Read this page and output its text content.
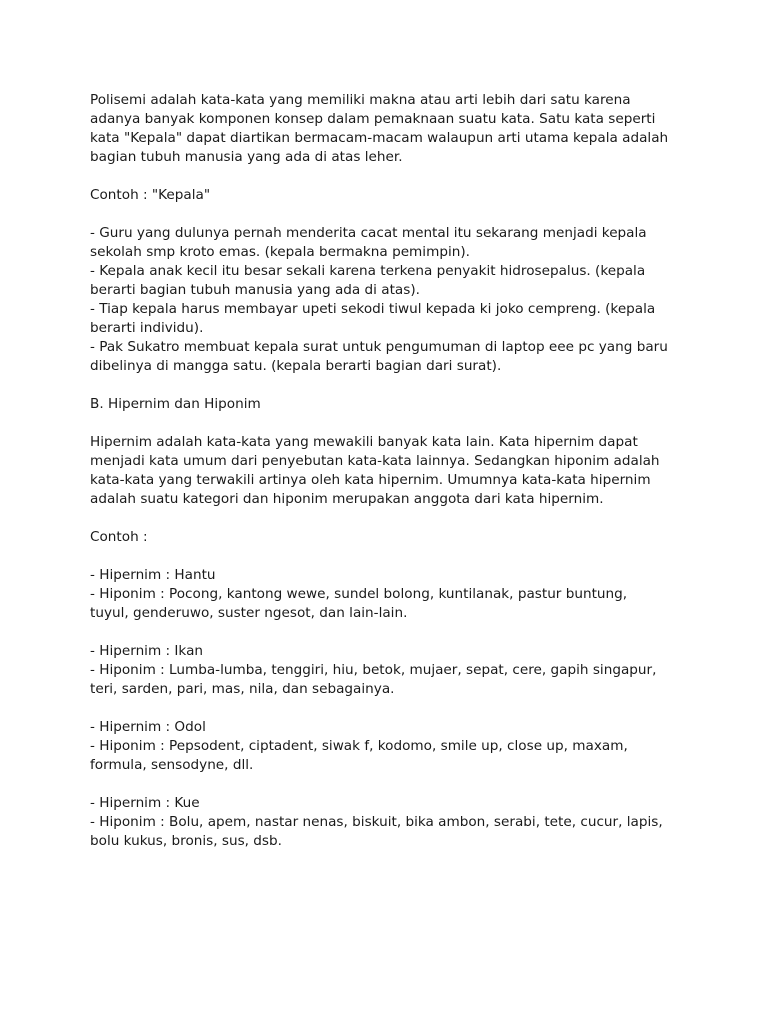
Polisemi adalah kata-kata yang memiliki makna atau arti lebih dari satu karena
adanya banyak komponen konsep dalam pemaknaan suatu kata. Satu kata seperti
kata "Kepala" dapat diartikan bermacam-macam walaupun arti utama kepala adalah
bagian tubuh manusia yang ada di atas leher.

Contoh : "Kepala"

- Guru yang dulunya pernah menderita cacat mental itu sekarang menjadi kepala
sekolah smp kroto emas. (kepala bermakna pemimpin).
- Kepala anak kecil itu besar sekali karena terkena penyakit hidrosepalus. (kepala
berarti bagian tubuh manusia yang ada di atas).
- Tiap kepala harus membayar upeti sekodi tiwul kepada ki joko cempreng. (kepala
berarti individu).
- Pak Sukatro membuat kepala surat untuk pengumuman di laptop eee pc yang baru
dibelinya di mangga satu. (kepala berarti bagian dari surat).

B. Hipernim dan Hiponim

Hipernim adalah kata-kata yang mewakili banyak kata lain. Kata hipernim dapat
menjadi kata umum dari penyebutan kata-kata lainnya. Sedangkan hiponim adalah
kata-kata yang terwakili artinya oleh kata hipernim. Umumnya kata-kata hipernim
adalah suatu kategori dan hiponim merupakan anggota dari kata hipernim.

Contoh :

- Hipernim : Hantu
- Hiponim : Pocong, kantong wewe, sundel bolong, kuntilanak, pastur buntung,
tuyul, genderuwo, suster ngesot, dan lain-lain.

- Hipernim : Ikan
- Hiponim : Lumba-lumba, tenggiri, hiu, betok, mujaer, sepat, cere, gapih singapur,
teri, sarden, pari, mas, nila, dan sebagainya.

- Hipernim : Odol
- Hiponim : Pepsodent, ciptadent, siwak f, kodomo, smile up, close up, maxam,
formula, sensodyne, dll.

- Hipernim : Kue
- Hiponim : Bolu, apem, nastar nenas, biskuit, bika ambon, serabi, tete, cucur, lapis,
bolu kukus, bronis, sus, dsb.
